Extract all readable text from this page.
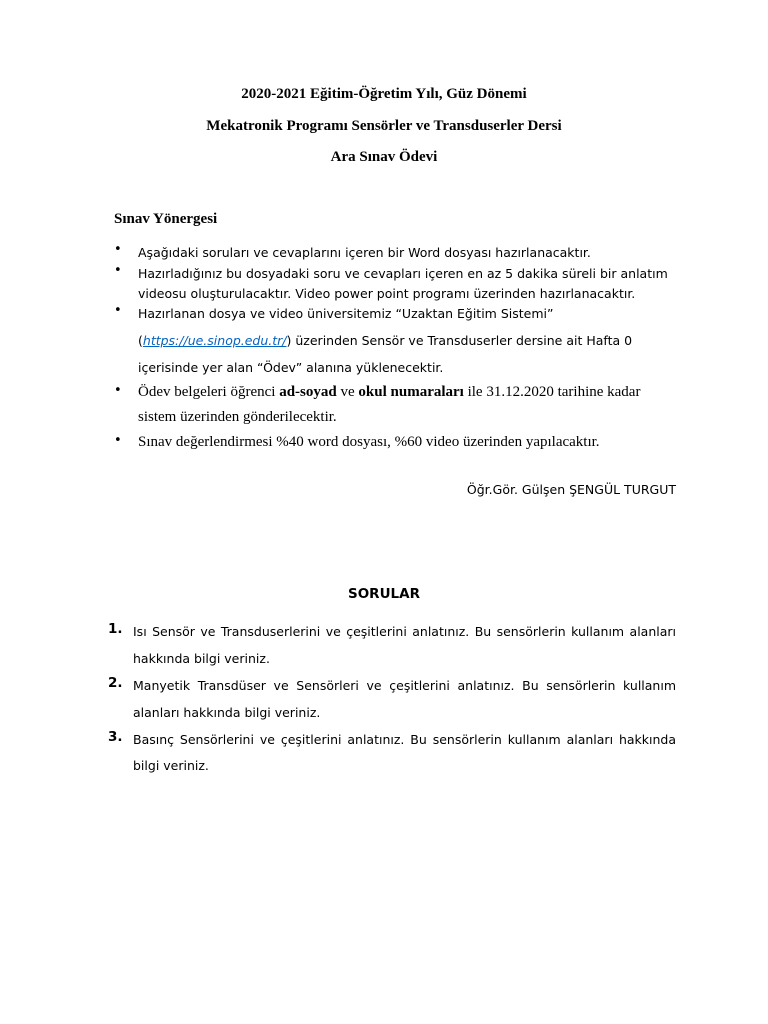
2020-2021 Eğitim-Öğretim Yılı, Güz Dönemi
Mekatronik Programı Sensörler ve Transduserler Dersi
Ara Sınav Ödevi
Sınav Yönergesi
• Aşağıdaki soruları ve cevaplarını içeren bir Word dosyası hazırlanacaktır.
• Hazırladığınız bu dosyadaki soru ve cevapları içeren en az 5 dakika süreli bir anlatım
videosu oluşturulacaktır. Video power point programı üzerinden hazırlanacaktır.
• Hazırlanan dosya ve video üniversitemiz “Uzaktan Eğitim Sistemi”
(https://ue.sinop.edu.tr/) üzerinden Sensör ve Transduserler dersine ait Hafta 0
içerisinde yer alan “Ödev” alanına yüklenecektir.
• Ödev belgeleri öğrenci ad-soyad ve okul numaraları ile 31.12.2020 tarihine kadar
sistem üzerinden gönderilecektir.
• Sınav değerlendirmesi %40 word dosyası, %60 video üzerinden yapılacaktır.
Öğr.Gör. Gülşen ŞENGÜL TURGUT
SORULAR
1. Isı Sensör ve Transduserlerini ve çeşitlerini anlatınız. Bu sensörlerin kullanım alanları
hakkında bilgi veriniz.
2. Manyetik Transdüser ve Sensörleri ve çeşitlerini anlatınız. Bu sensörlerin kullanım
alanları hakkında bilgi veriniz.
3. Basınç Sensörlerini ve çeşitlerini anlatınız. Bu sensörlerin kullanım alanları hakkında
bilgi veriniz.
